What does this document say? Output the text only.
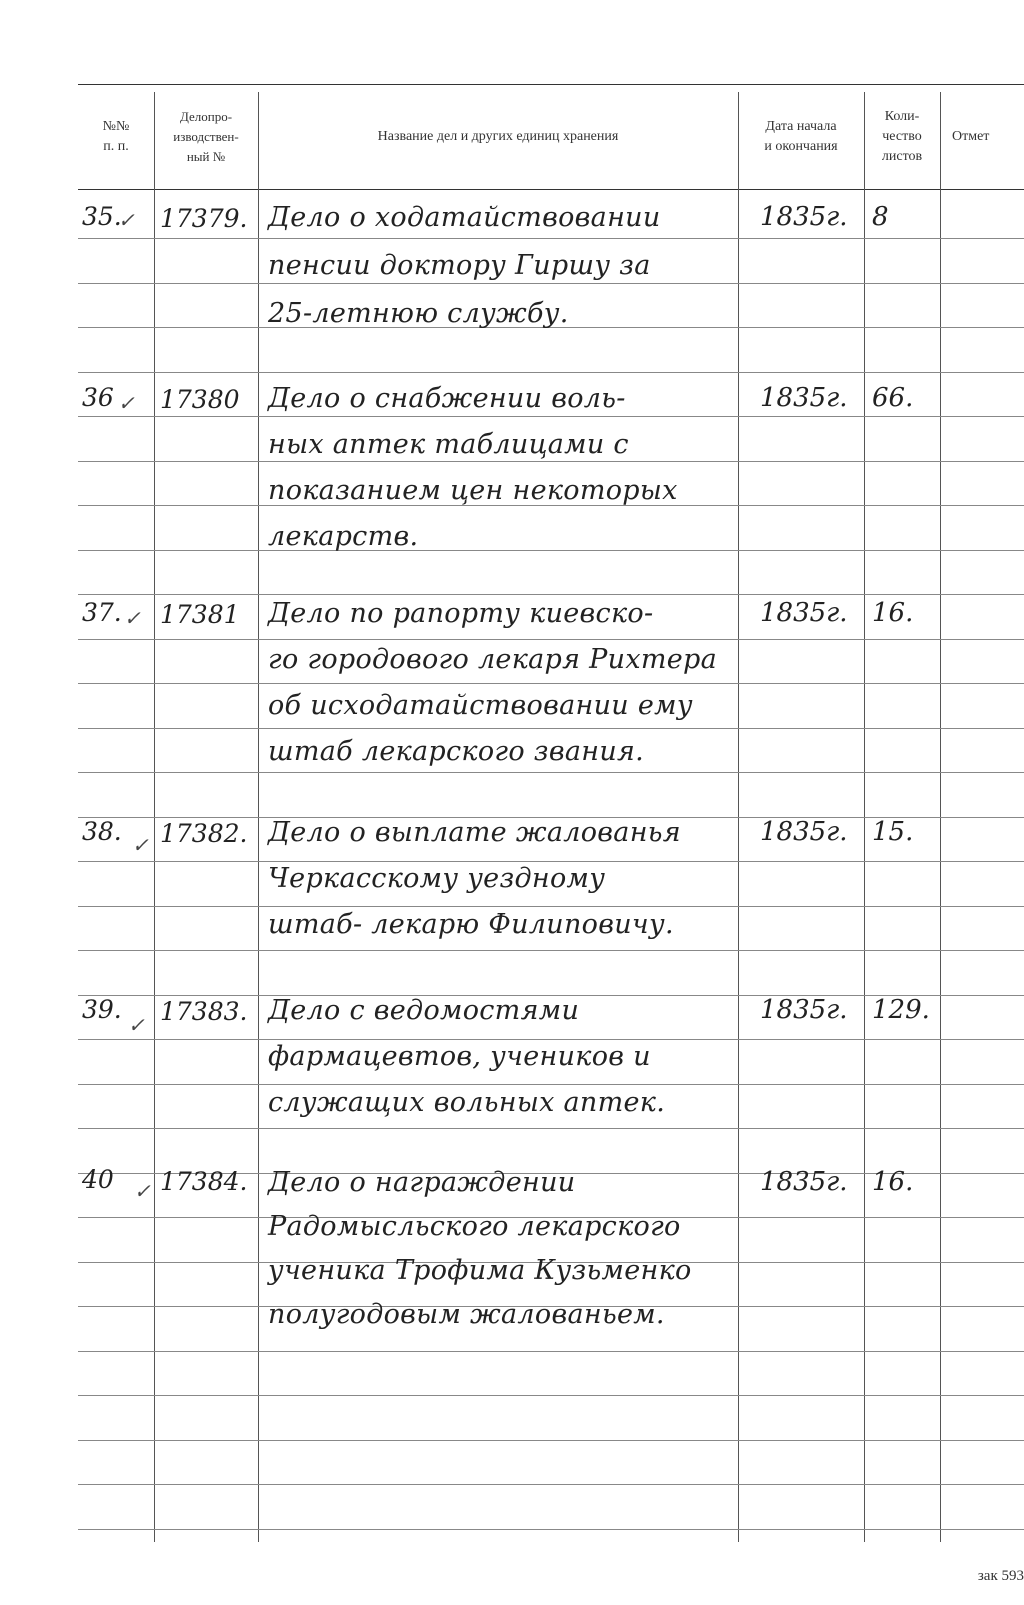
№№
п. п.
Делопро-
изводствен-
ный №
Название дел и других единиц хранения
Дата начала
и окончания
Коли-
чество
листов
Отмет
35.
✓ 17379. Дело о ходатайствовании
пенсии доктору Гиршу за
25-летнюю службу.
1835г. 8
36 ✓ 17380 Дело о снабжении воль-
ных аптек таблицами с
показанием цен некоторых
лекарств.
1835г. 66.
37. ✓ 17381 Дело по рапорту киевско-
го городового лекаря Рихтера
об исходатайствовании ему
штаб лекарского звания.
1835г. 16.
38. ✓ 17382. Дело о выплате жалованья
Черкасскому уездному
штаб- лекарю Филиповичу.
1835г. 15.
39.
✓ 17383. Дело с ведомостями
фармацевтов, учеников и
служащих вольных аптек.
1835г. 129.
40 ✓ 17384. Дело о награждении
Радомысльского лекарского
ученика Трофима Кузьменко
полугодовым жалованьем.
1835г. 16.
зак 593
